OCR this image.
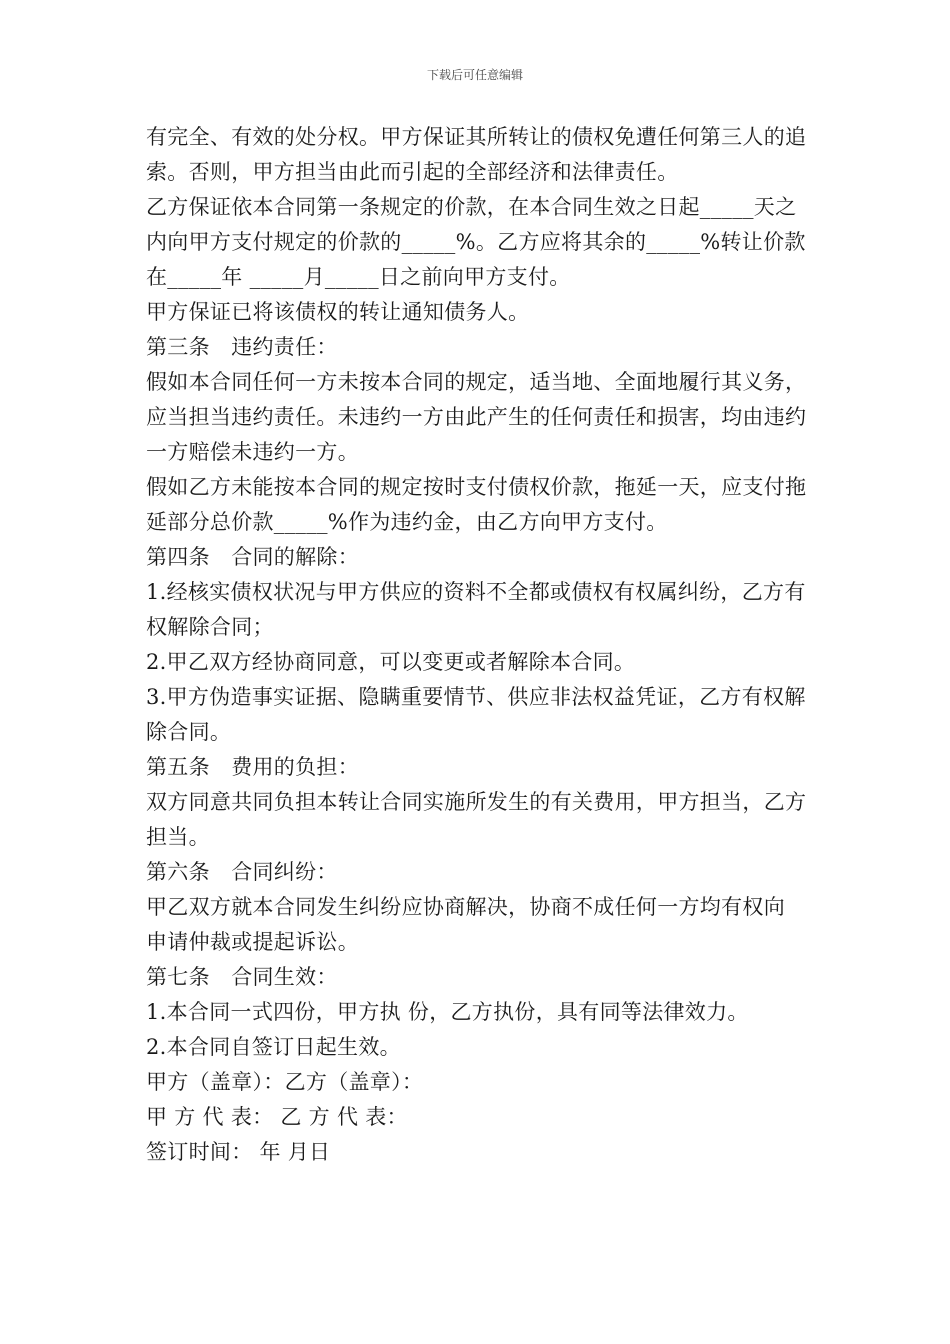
下载后可任意编辑

有完全、有效的处分权。甲方保证其所转让的债权免遭任何第三人的追索。否则，甲方担当由此而引起的全部经济和法律责任。

乙方保证依本合同第一条规定的价款，在本合同生效之日起_____天之内向甲方支付规定的价款的_____%。乙方应将其余的_____%转让价款在_____年 _____月_____日之前向甲方支付。

甲方保证已将该债权的转让通知债务人。

第三条　违约责任：

假如本合同任何一方未按本合同的规定，适当地、全面地履行其义务，应当担当违约责任。未违约一方由此产生的任何责任和损害，均由违约一方赔偿未违约一方。

假如乙方未能按本合同的规定按时支付债权价款，拖延一天，应支付拖延部分总价款_____%作为违约金，由乙方向甲方支付。

第四条　合同的解除：

1.经核实债权状况与甲方供应的资料不全都或债权有权属纠纷，乙方有权解除合同；

2.甲乙双方经协商同意，可以变更或者解除本合同。

3.甲方伪造事实证据、隐瞒重要情节、供应非法权益凭证，乙方有权解除合同。

第五条　费用的负担：

双方同意共同负担本转让合同实施所发生的有关费用，甲方担当，乙方担当。

第六条　合同纠纷：

甲乙双方就本合同发生纠纷应协商解决，协商不成任何一方均有权向 申请仲裁或提起诉讼。

第七条　合同生效：

1.本合同一式四份，甲方执 份，乙方执份，具有同等法律效力。

2.本合同自签订日起生效。

甲方（盖章）：乙方（盖章）：

甲 方 代 表： 乙 方 代 表：

签订时间： 年 月日
